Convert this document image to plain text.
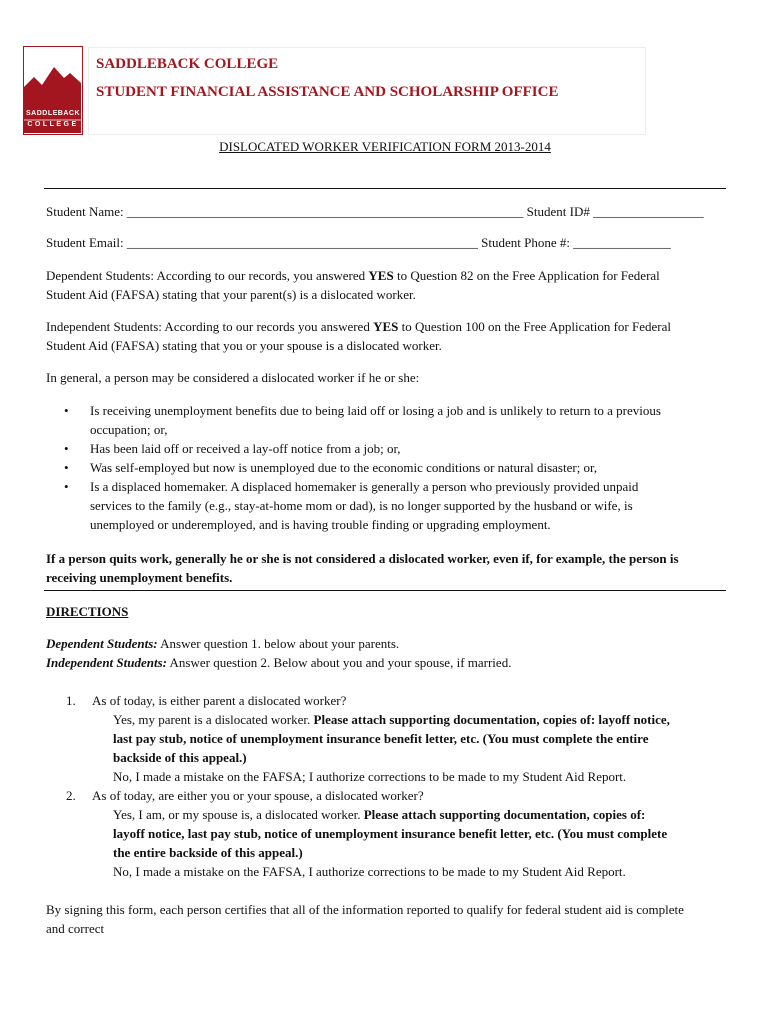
SADDLEBACK
COLLEGE
SADDLEBACK COLLEGE
STUDENT FINANCIAL ASSISTANCE AND SCHOLARSHIP OFFICE
DISLOCATED WORKER VERIFICATION FORM 2013-2014
Student Name: _____________________________________________________________ Student ID# _________________
Student Email: ______________________________________________________ Student Phone #: _______________
Dependent Students: According to our records, you answered YES to Question 82 on the Free Application for Federal
Student Aid (FAFSA) stating that your parent(s) is a dislocated worker.
Independent Students: According to our records you answered YES to Question 100 on the Free Application for Federal
Student Aid (FAFSA) stating that you or your spouse is a dislocated worker.
In general, a person may be considered a dislocated worker if he or she:
• Is receiving unemployment benefits due to being laid off or losing a job and is unlikely to return to a previous
occupation; or,
• Has been laid off or received a lay-off notice from a job; or,
• Was self-employed but now is unemployed due to the economic conditions or natural disaster; or,
• Is a displaced homemaker. A displaced homemaker is generally a person who previously provided unpaid
services to the family (e.g., stay-at-home mom or dad), is no longer supported by the husband or wife, is
unemployed or underemployed, and is having trouble finding or upgrading employment.
If a person quits work, generally he or she is not considered a dislocated worker, even if, for example, the person is
receiving unemployment benefits.
DIRECTIONS
Dependent Students: Answer question 1. below about your parents.
Independent Students: Answer question 2. Below about you and your spouse, if married.
1. As of today, is either parent a dislocated worker?
Yes, my parent is a dislocated worker. Please attach supporting documentation, copies of: layoff notice,
last pay stub, notice of unemployment insurance benefit letter, etc. (You must complete the entire
backside of this appeal.)
No, I made a mistake on the FAFSA; I authorize corrections to be made to my Student Aid Report.
2. As of today, are either you or your spouse, a dislocated worker?
Yes, I am, or my spouse is, a dislocated worker. Please attach supporting documentation, copies of:
layoff notice, last pay stub, notice of unemployment insurance benefit letter, etc. (You must complete
the entire backside of this appeal.)
No, I made a mistake on the FAFSA, I authorize corrections to be made to my Student Aid Report.
By signing this form, each person certifies that all of the information reported to qualify for federal student aid is complete
and correct
